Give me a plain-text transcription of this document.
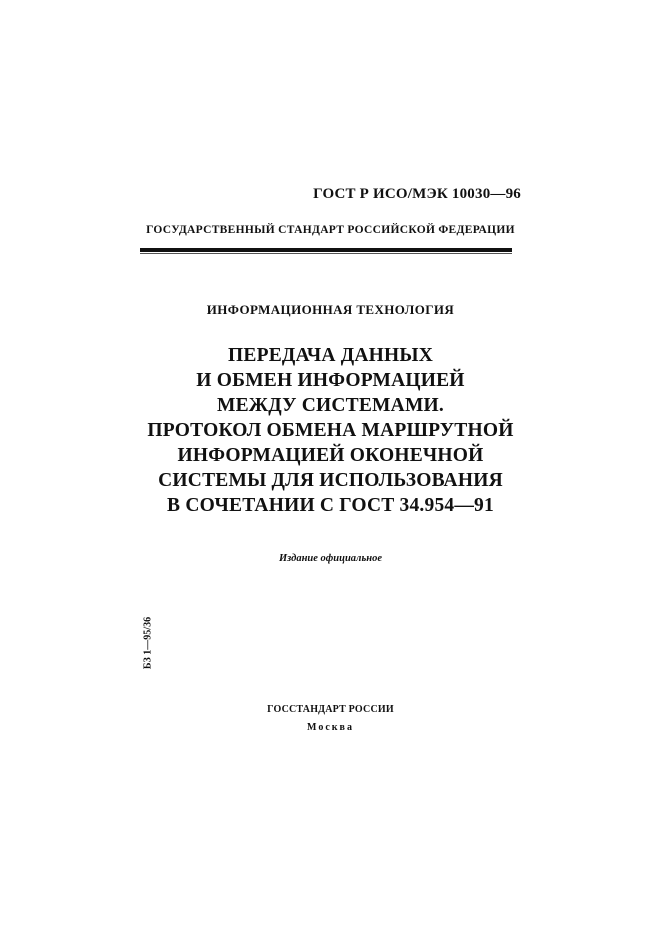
ГОСТ Р ИСО/МЭК 10030—96
ГОСУДАРСТВЕННЫЙ СТАНДАРТ РОССИЙСКОЙ ФЕДЕРАЦИИ
ИНФОРМАЦИОННАЯ ТЕХНОЛОГИЯ
ПЕРЕДАЧА ДАННЫХ
И ОБМЕН ИНФОРМАЦИЕЙ
МЕЖДУ СИСТЕМАМИ.
ПРОТОКОЛ ОБМЕНА МАРШРУТНОЙ
ИНФОРМАЦИЕЙ ОКОНЕЧНОЙ
СИСТЕМЫ ДЛЯ ИСПОЛЬЗОВАНИЯ
В СОЧЕТАНИИ С ГОСТ 34.954—91
Издание официальное
БЗ 1—95/36
ГОССТАНДАРТ РОССИИ
Москва
